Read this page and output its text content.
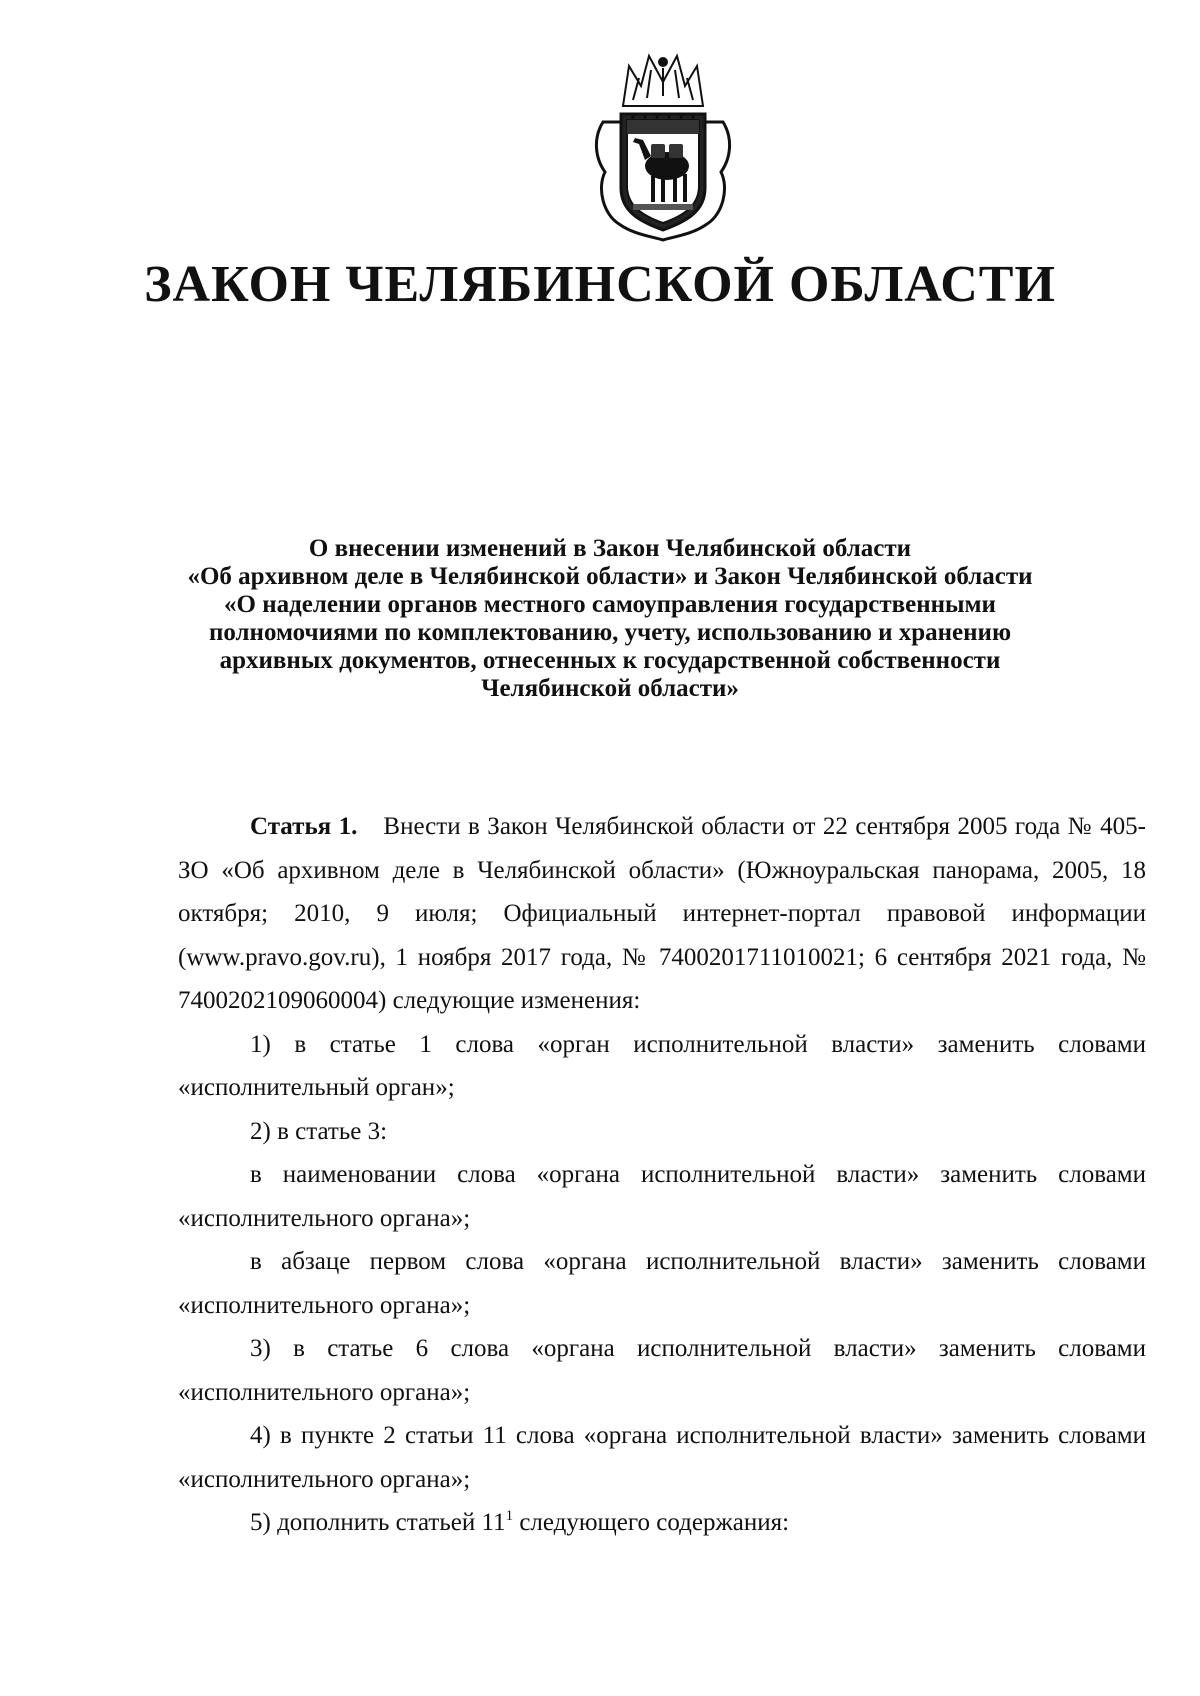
ЗАКОН ЧЕЛЯБИНСКОЙ ОБЛАСТИ
О внесении изменений в Закон Челябинской области
«Об архивном деле в Челябинской области» и Закон Челябинской области
«О наделении органов местного самоуправления государственными
полномочиями по комплектованию, учету, использованию и хранению
архивных документов, отнесенных к государственной собственности
Челябинской области»

Статья 1. Внести в Закон Челябинской области от 22 сентября 2005 года № 405-ЗО «Об архивном деле в Челябинской области» (Южноуральская панорама, 2005, 18 октября; 2010, 9 июля; Официальный интернет-портал правовой информации (www.pravo.gov.ru), 1 ноября 2017 года, № 7400201711010021; 6 сентября 2021 года, № 7400202109060004) следующие изменения:

1) в статье 1 слова «орган исполнительной власти» заменить словами «исполнительный орган»;

2) в статье 3:

в наименовании слова «органа исполнительной власти» заменить словами «исполнительного органа»;

в абзаце первом слова «органа исполнительной власти» заменить словами «исполнительного органа»;

3) в статье 6 слова «органа исполнительной власти» заменить словами «исполнительного органа»;

4) в пункте 2 статьи 11 слова «органа исполнительной власти» заменить словами «исполнительного органа»;

5) дополнить статьей $11^1$ следующего содержания:
